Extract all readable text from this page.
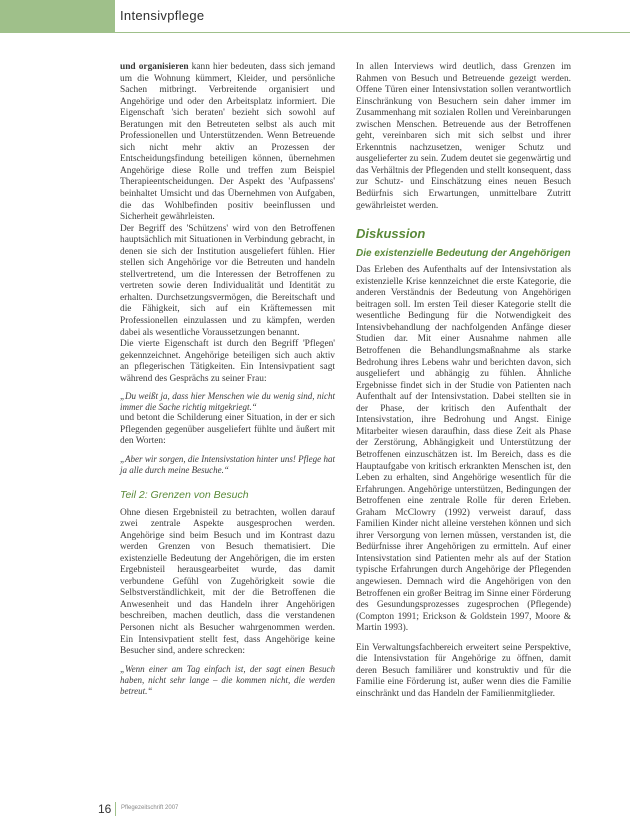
Intensivpflege

und organisieren kann hier bedeuten, dass sich jemand um die Wohnung kümmert, Kleider, und persönliche Sachen mitbringt. Verbreitende organisiert und Angehörige und oder den Arbeitsplatz informiert. Die Eigenschaft 'sich beraten' bezieht sich sowohl auf Beratungen mit den Betreuteten selbst als auch mit Professionellen und Unterstützenden. Wenn Betreuende sich nicht mehr aktiv an Prozessen der Entscheidungsfindung beteiligen können, übernehmen Angehörige diese Rolle und treffen zum Beispiel Therapieentscheidungen. Der Aspekt des 'Aufpassens' beinhaltet Umsicht und das Übernehmen von Aufgaben, die das Wohlbefinden positiv beeinflussen und Sicherheit gewährleisten.

Der Begriff des 'Schützens' wird von den Betroffenen hauptsächlich mit Situationen in Verbindung gebracht, in denen sie sich der Institution ausgeliefert fühlen. Hier stellen sich Angehörige vor die Betreuten und handeln stellvertretend, um die Interessen der Betroffenen zu vertreten sowie deren Individualität und Identität zu erhalten. Durchsetzungsvermögen, die Bereitschaft und die Fähigkeit, sich auf ein Kräftemessen mit Professionellen einzulassen und zu kämpfen, werden dabei als wesentliche Voraussetzungen benannt.

Die vierte Eigenschaft ist durch den Begriff 'Pflegen' gekennzeichnet. Angehörige beteiligen sich auch aktiv an pflegerischen Tätigkeiten. Ein Intensivpatient sagt während des Gesprächs zu seiner Frau:

„Du weißt ja, dass hier Menschen wie du wenig sind, nicht immer die Sache richtig mitgekriegt.“

und betont die Schilderung einer Situation, in der er sich Pflegenden gegenüber ausgeliefert fühlte und äußert mit den Worten:

„Aber wir sorgen, die Intensivstation hinter uns! Pflege hat ja alle durch meine Besuche.“

Teil 2: Grenzen von Besuch

Ohne diesen Ergebnisteil zu betrachten, wollen darauf zwei zentrale Aspekte ausgesprochen werden. Angehörige sind beim Besuch und im Kontrast dazu werden Grenzen von Besuch thematisiert. Die existenzielle Bedeutung der Angehörigen, die im ersten Ergebnisteil herausgearbeitet wurde, das damit verbundene Gefühl von Zugehörigkeit sowie die Selbstverständlichkeit, mit der die Betroffenen die Anwesenheit und das Handeln ihrer Angehörigen beschreiben, machen deutlich, dass die verstandenen Personen nicht als Besucher wahrgenommen werden. Ein Intensivpatient stellt fest, dass Angehörige keine Besucher sind, andere schrecken:

„Wenn einer am Tag einfach ist, der sagt einen Besuch haben, nicht sehr lange – die kommen nicht, die werden betreut.“

In allen Interviews wird deutlich, dass Grenzen im Rahmen von Besuch und Betreuende gezeigt werden. Offene Türen einer Intensivstation sollen verantwortlich Einschränkung von Besuchern sein daher immer im Zusammenhang mit sozialen Rollen und Vereinbarungen zwischen Menschen. Betreuende aus der Betroffenen geht, vereinbaren sich mit sich selbst und ihrer Erkenntnis nachzusetzen, weniger Schutz und ausgelieferter zu sein. Zudem deutet sie gegenwärtig und das Verhältnis der Pflegenden und stellt konsequent, dass zur Schutz- und Einschätzung eines neuen Besuch Bedürfnis sich Erwartungen, unmittelbare Zutritt gewährleistet werden.

Diskussion
Die existenzielle Bedeutung der Angehörigen

Das Erleben des Aufenthalts auf der Intensivstation als existenzielle Krise kennzeichnet die erste Kategorie, die anderen Verständnis der Bedeutung von Angehörigen beitragen soll. Im ersten Teil dieser Kategorie stellt die wesentliche Bedingung für die Notwendigkeit des Intensivbehandlung der nachfolgenden Anfänge dieser Studien dar. Mit einer Ausnahme nahmen alle Betroffenen die Behandlungsmaßnahme als starke Bedrohung ihres Lebens wahr und berichten davon, sich ausgeliefert und abhängig zu fühlen. Ähnliche Ergebnisse findet sich in der Studie von Patienten nach Aufenthalt auf der Intensivstation. Dabei stellten sie in der Phase, der kritisch den Aufenthalt der Intensivstation, ihre Bedrohung und Angst. Einige Mitarbeiter wiesen daraufhin, dass diese Zeit als Phase der Zerstörung, Abhängigkeit und Unterstützung der Betroffenen einzuschätzen ist. Im Bereich, dass es die Hauptaufgabe von kritisch erkrankten Menschen ist, den Leben zu erhalten, sind Angehörige wesentlich für die Erfahrungen. Angehörige unterstützen, Bedingungen der Betroffenen eine zentrale Rolle für deren Erleben. Graham McClowry (1992) verweist darauf, dass Familien Kinder nicht alleine verstehen können und sich ihrer Versorgung von lernen müssen, verstanden ist, die Bedürfnisse ihrer Angehörigen zu ermitteln. Auf einer Intensivstation sind Patienten mehr als auf der Station typische Erfahrungen durch Angehörige der Pflegenden angewiesen. Demnach wird die Angehörigen von den Betroffenen ein großer Beitrag im Sinne einer Förderung des Gesundungsprozesses zugesprochen (Pflegende) (Compton 1991; Erickson & Goldstein 1997, Moore & Martin 1993).

Ein Verwaltungsfachbereich erweitert seine Perspektive, die Intensivstation für Angehörige zu öffnen, damit deren Besuch familiärer und konstruktiv und für die Familie eine Förderung ist, außer wenn dies die Familie einschränkt und das Handeln der Familienmitglieder.

16 Pflegezeitschrift 2007
